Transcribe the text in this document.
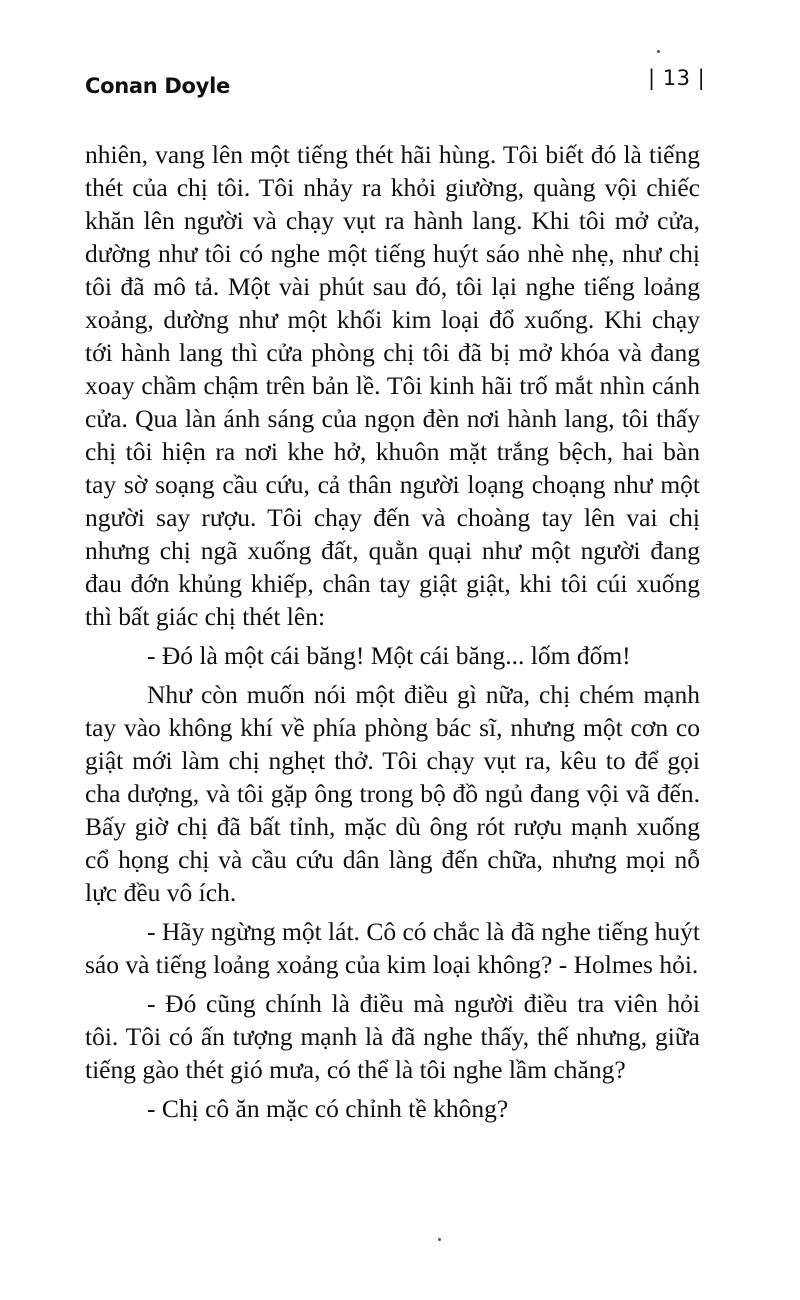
Conan Doyle	| 13 |

nhiên, vang lên một tiếng thét hãi hùng. Tôi biết đó là tiếng thét của chị tôi. Tôi nhảy ra khỏi giường, quàng vội chiếc khăn lên người và chạy vụt ra hành lang. Khi tôi mở cửa, dường như tôi có nghe một tiếng huýt sáo nhè nhẹ, như chị tôi đã mô tả. Một vài phút sau đó, tôi lại nghe tiếng loảng xoảng, dường như một khối kim loại đổ xuống. Khi chạy tới hành lang thì cửa phòng chị tôi đã bị mở khóa và đang xoay chầm chậm trên bản lề. Tôi kinh hãi trố mắt nhìn cánh cửa. Qua làn ánh sáng của ngọn đèn nơi hành lang, tôi thấy chị tôi hiện ra nơi khe hở, khuôn mặt trắng bệch, hai bàn tay sờ soạng cầu cứu, cả thân người loạng choạng như một người say rượu. Tôi chạy đến và choàng tay lên vai chị nhưng chị ngã xuống đất, quằn quại như một người đang đau đớn khủng khiếp, chân tay giật giật, khi tôi cúi xuống thì bất giác chị thét lên:

- Đó là một cái băng! Một cái băng... lốm đốm!

Như còn muốn nói một điều gì nữa, chị chém mạnh tay vào không khí về phía phòng bác sĩ, nhưng một cơn co giật mới làm chị nghẹt thở. Tôi chạy vụt ra, kêu to để gọi cha dượng, và tôi gặp ông trong bộ đồ ngủ đang vội vã đến. Bấy giờ chị đã bất tỉnh, mặc dù ông rót rượu mạnh xuống cổ họng chị và cầu cứu dân làng đến chữa, nhưng mọi nỗ lực đều vô ích.

- Hãy ngừng một lát. Cô có chắc là đã nghe tiếng huýt sáo và tiếng loảng xoảng của kim loại không? - Holmes hỏi.

- Đó cũng chính là điều mà người điều tra viên hỏi tôi. Tôi có ấn tượng mạnh là đã nghe thấy, thế nhưng, giữa tiếng gào thét gió mưa, có thể là tôi nghe lầm chăng?

- Chị cô ăn mặc có chỉnh tề không?
